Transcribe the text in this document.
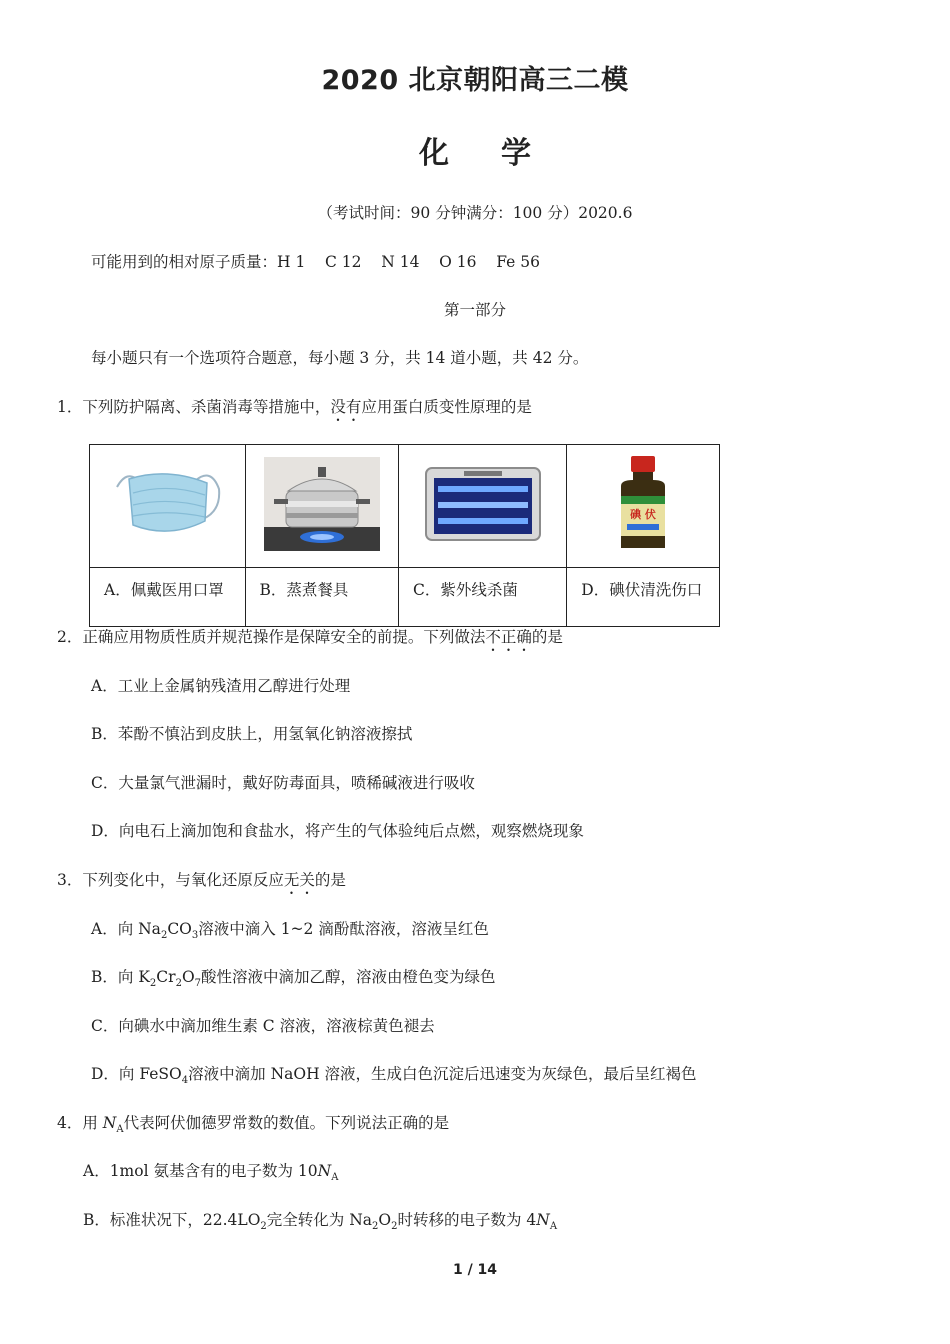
2020 北京朝阳高三二模
化学
（考试时间：90 分钟满分：100 分）2020.6
可能用到的相对原子质量：H 1    C 12    N 14    O 16    Fe 56
第一部分
每小题只有一个选项符合题意，每小题 3 分，共 14 道小题，共 42 分。
1．下列防护隔离、杀菌消毒等措施中，没有应用蛋白质变性原理的是

碘 伏

A．佩戴医用口罩	B．蒸煮餐具	C．紫外线杀菌	D．碘伏清洗伤口
2．正确应用物质性质并规范操作是保障安全的前提。下列做法不正确的是
A．工业上金属钠残渣用乙醇进行处理
B．苯酚不慎沾到皮肤上，用氢氧化钠溶液擦拭
C．大量氯气泄漏时，戴好防毒面具，喷稀碱液进行吸收
D．向电石上滴加饱和食盐水，将产生的气体验纯后点燃，观察燃烧现象
3．下列变化中，与氧化还原反应无关的是
A．向 $Na_2CO_3$溶液中滴入 1~2 滴酚酞溶液，溶液呈红色
B．向 $K_2Cr_2O_7$酸性溶液中滴加乙醇，溶液由橙色变为绿色
C．向碘水中滴加维生素 C 溶液，溶液棕黄色褪去
D．向 FeSO$_4$溶液中滴加 NaOH 溶液，生成白色沉淀后迅速变为灰绿色，最后呈红褐色
4．用 $N_A$代表阿伏伽德罗常数的数值。下列说法正确的是
A．1mol 氨基含有的电子数为 $10N_A$
B．标准状况下，$22.4LO_2$完全转化为 $Na_2O_2$时转移的电子数为 $4N_A$
1 / 14
